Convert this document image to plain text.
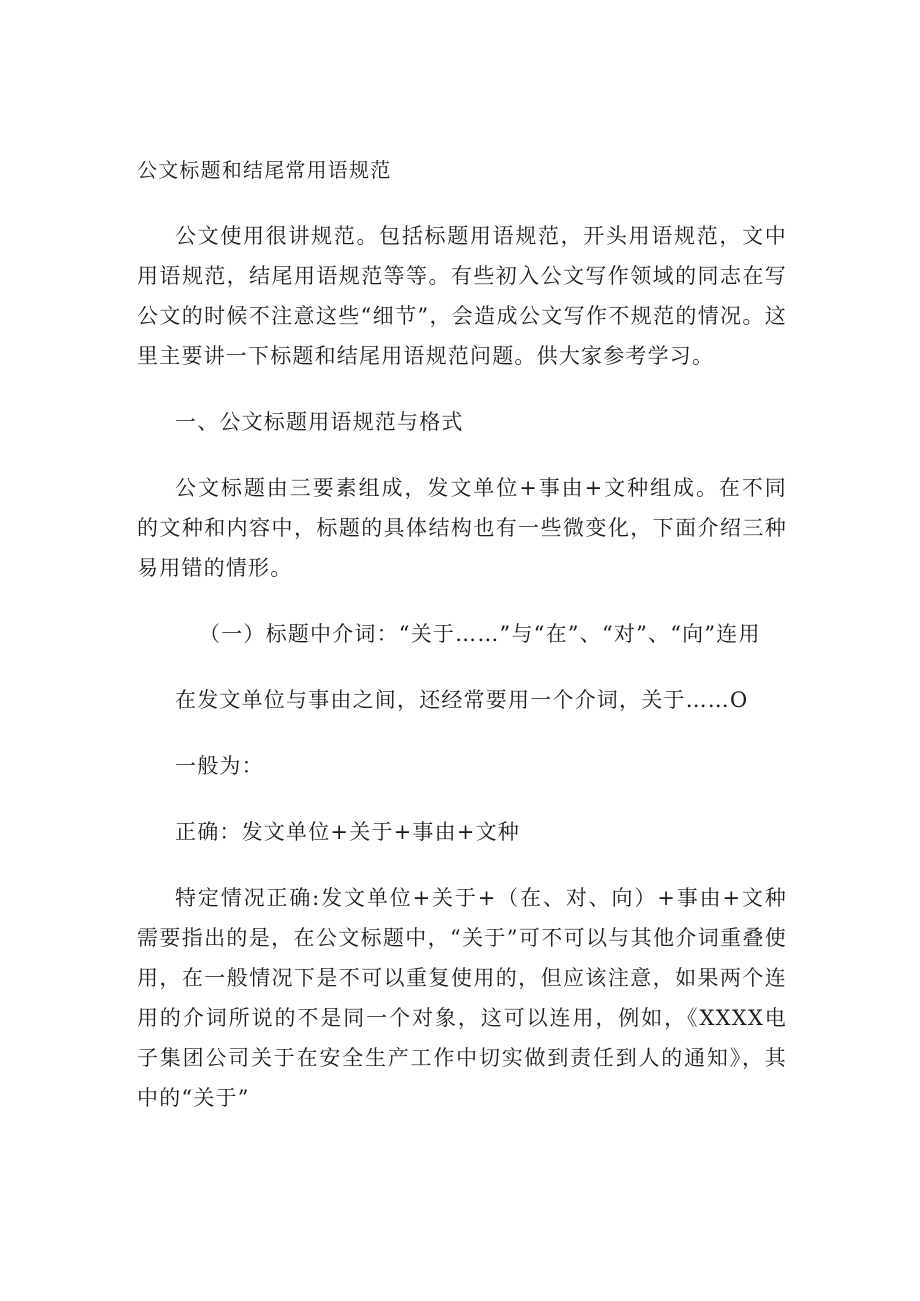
公文标题和结尾常用语规范

公文使用很讲规范。包括标题用语规范，开头用语规范，文中用语规范，结尾用语规范等等。有些初入公文写作领域的同志在写公文的时候不注意这些“细节”，会造成公文写作不规范的情况。这里主要讲一下标题和结尾用语规范问题。供大家参考学习。

一、公文标题用语规范与格式

公文标题由三要素组成，发文单位+事由+文种组成。在不同的文种和内容中，标题的具体结构也有一些微变化，下面介绍三种易用错的情形。

（一）标题中介词：“关于……”与“在”、“对”、“向”连用

在发文单位与事由之间，还经常要用一个介词，关于……O

一般为：

正确：发文单位+关于+事由+文种

特定情况正确:发文单位+关于+（在、对、向）+事由+文种需要指出的是，在公文标题中，“关于”可不可以与其他介词重叠使用，在一般情况下是不可以重复使用的，但应该注意，如果两个连用的介词所说的不是同一个对象，这可以连用，例如，《XXXX电子集团公司关于在安全生产工作中切实做到责任到人的通知》，其中的“关于”
